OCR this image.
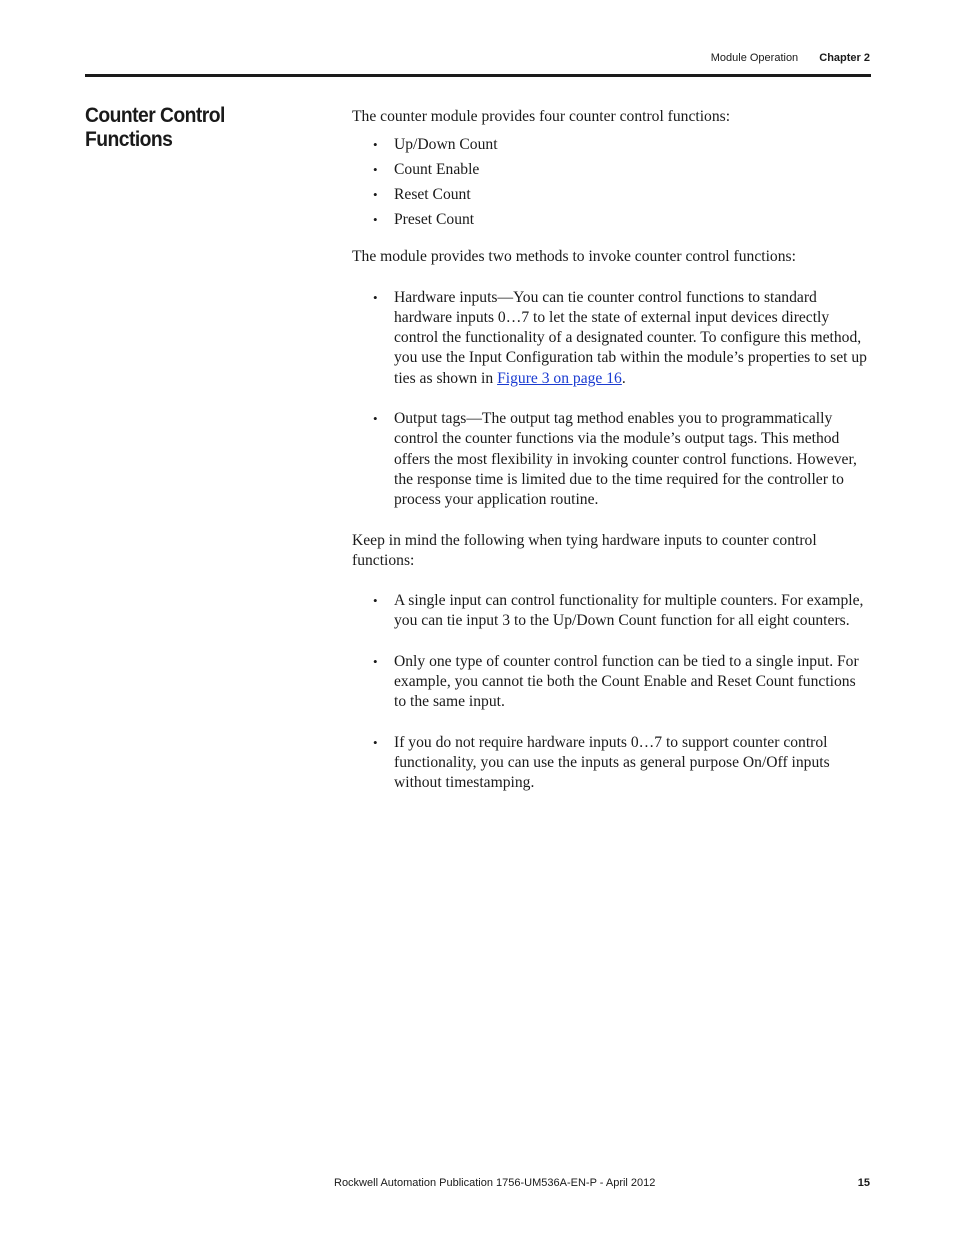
Module Operation Chapter 2
Counter Control Functions

The counter module provides four counter control functions:

• Up/Down Count
• Count Enable
• Reset Count
• Preset Count

The module provides two methods to invoke counter control functions:

• Hardware inputs—You can tie counter control functions to standard hardware inputs 0…7 to let the state of external input devices directly control the functionality of a designated counter. To configure this method, you use the Input Configuration tab within the module’s properties to set up ties as shown in Figure 3 on page 16.
• Output tags—The output tag method enables you to programmatically control the counter functions via the module’s output tags. This method offers the most flexibility in invoking counter control functions. However, the response time is limited due to the time required for the controller to process your application routine.

Keep in mind the following when tying hardware inputs to counter control functions:

• A single input can control functionality for multiple counters. For example, you can tie input 3 to the Up/Down Count function for all eight counters.
• Only one type of counter control function can be tied to a single input. For example, you cannot tie both the Count Enable and Reset Count functions to the same input.
• If you do not require hardware inputs 0…7 to support counter control functionality, you can use the inputs as general purpose On/Off inputs without timestamping.
Rockwell Automation Publication 1756-UM536A-EN-P - April 2012	15
